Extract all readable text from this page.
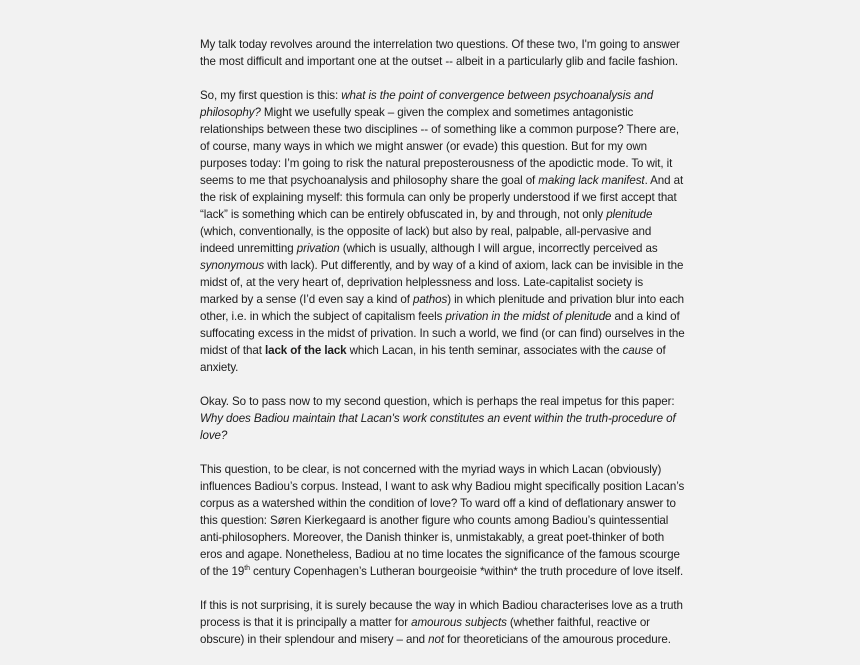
My talk today revolves around the interrelation two questions. Of these two, I'm going to answer
the most difficult and important one at the outset -- albeit in a particularly glib and facile fashion.
So, my first question is this: what is the point of convergence between psychoanalysis and
philosophy? Might we usefully speak – given the complex and sometimes antagonistic
relationships between these two disciplines -- of something like a common purpose? There are,
of course, many ways in which we might answer (or evade) this question. But for my own
purposes today: I’m going to risk the natural preposterousness of the apodictic mode. To wit, it
seems to me that psychoanalysis and philosophy share the goal of making lack manifest. And at
the risk of explaining myself: this formula can only be properly understood if we first accept that
“lack” is something which can be entirely obfuscated in, by and through, not only plenitude
(which, conventionally, is the opposite of lack) but also by real, palpable, all-pervasive and
indeed unremitting privation (which is usually, although I will argue, incorrectly perceived as
synonymous with lack). Put differently, and by way of a kind of axiom, lack can be invisible in the
midst of, at the very heart of, deprivation helplessness and loss. Late-capitalist society is
marked by a sense (I’d even say a kind of pathos) in which plenitude and privation blur into each
other, i.e. in which the subject of capitalism feels privation in the midst of plenitude and a kind of
suffocating excess in the midst of privation. In such a world, we find (or can find) ourselves in the
midst of that lack of the lack which Lacan, in his tenth seminar, associates with the cause of
anxiety.
Okay. So to pass now to my second question, which is perhaps the real impetus for this paper:
Why does Badiou maintain that Lacan's work constitutes an event within the truth-procedure of
love?
This question, to be clear, is not concerned with the myriad ways in which Lacan (obviously)
influences Badiou’s corpus. Instead, I want to ask why Badiou might specifically position Lacan’s
corpus as a watershed within the condition of love? To ward off a kind of deflationary answer to
this question: Søren Kierkegaard is another figure who counts among Badiou’s quintessential
anti-philosophers. Moreover, the Danish thinker is, unmistakably, a great poet-thinker of both
eros and agape. Nonetheless, Badiou at no time locates the significance of the famous scourge
of the 19th century Copenhagen’s Lutheran bourgeoisie *within* the truth procedure of love itself.
If this is not surprising, it is surely because the way in which Badiou characterises love as a truth
process is that it is principally a matter for amourous subjects (whether faithful, reactive or
obscure) in their splendour and misery – and not for theoreticians of the amourous procedure.
